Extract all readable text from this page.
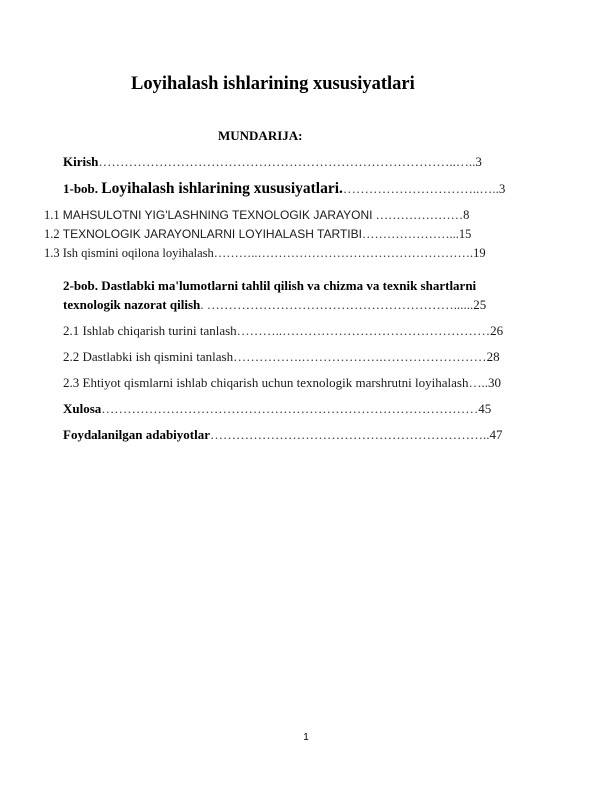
Loyihalash ishlarining xususiyatlari
MUNDARIJA:
Kirish………………………………………………………………………..…..3
1-bob. Loyihalash ishlarining xususiyatlari.…………………………..…..3
1.1 MAHSULOTNI YIG'LASHNING TEXNOLOGIK JARAYONI …………………8
1.2 TEXNOLOGIK JARAYONLARNI LOYIHALASH TARTIBI…………………...15
1.3 Ish qismini oqilona loyihalash………..…………………………………………….19
2-bob. Dastlabki ma'lumotlarni tahlil qilish va chizma va texnik shartlarni
texnologik nazorat qilish. …………………………………………………......25
2.1 Ishlab chiqarish turini tanlash………..…………………………………………26
2.2 Dastlabki ish qismini tanlash…………….……………….……………………28
2.3 Ehtiyot qismlarni ishlab chiqarish uchun texnologik marshrutni loyihalash…..30
Xulosa……………………………………………………………………………45
Foydalanilgan adabiyotlar………………………………………………………..47
1
